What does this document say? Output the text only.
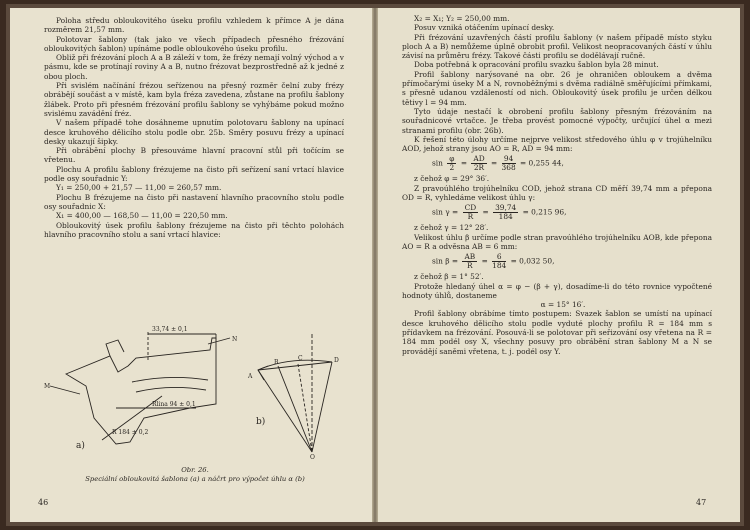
Poloha středu obloukovitého úseku profilu vzhledem k přímce A je dána rozměrem 21,57 mm.

Polotovar šablony (tak jako ve všech případech přesného frézování obloukovitých šablon) upínáme podle obloukového úseku profilu.

Obliž při frézování ploch A a B záleží v tom, že frézy nemají volný východ a v pásmu, kde se protínají roviny A a B, nutno frézovat bezprostředně až k jedné z obou ploch.

Při svislém načínání frézou seřízenou na přesný rozměr čelní zuby frézy obrábějí součást a v místě, kam byla fréza zavedena, zůstane na profilu šablony žlábek. Proto při přesném frézování profilu šablony se vyhýbáme pokud možno svislému zavádění fréz.

V našem případě tohe dosáhneme upnutím polotovaru šablony na upínací desce kruhového dělicího stolu podle obr. 25b. Směry posuvu frézy a upínací desky ukazují šipky.

Při obrábění plochy B přesouváme hlavní pracovní stůl při točícím se vřetenu.

Plochu A profilu šablony frézujeme na čisto při seřízení saní vrtací hlavice podle osy souřadnic Y:

Y₁ = 250,00 + 21,57 — 11,00 = 260,57 mm.

Plochu B frézujeme na čisto při nastavení hlavního pracovního stolu podle osy souřadnic X:

X₁ = 400,00 — 168,50 — 11,00 = 220,50 mm.

Obloukovitý úsek profilu šablony frézujeme na čisto při těchto polohách hlavního pracovního stolu a saní vrtací hlavice:

33,74 ± 0,1
N
M
Rlina 94 ± 0,1
R 184 ± 0,2
a)
b)
A
B
C	D
O
Obr. 26.
Speciální obloukovitá šablona (a) a náčrt pro výpočet úhlu α (b)
46

X₂ = X₁; Y₂ = 250,00 mm.

Posuv vzniká otáčením upínací desky.

Při frézování uzavřených částí profilu šablony (v našem případě místo styku ploch A a B) nemůžeme úplně obrobit profil. Velikost neopracovaných částí v úhlu závisí na průměru frézy. Takové části profilu se dodělávají ručně.

Doba potřebná k opracování profilu svazku šablon byla 28 minut.

Profil šablony narýsované na obr. 26 je ohraničen obloukem a dvěma přímočarými úseky M a N, rovnoběžnými s dvěma radiálně směřujícími přímkami, s přesně udanou vzdáleností od nich. Obloukovitý úsek profilu je určen délkou tětivy l = 94 mm.

Tyto údaje nestačí k obrobení profilu šablony přesným frézováním na souřadnicové vrtačce. Je třeba provést pomocné výpočty, určující úhel α mezi stranami profilu (obr. 26b).

K řešení této úlohy určíme nejprve velikost středového úhlu φ v trojúhelníku AOD, jehož strany jsou AO = R, AD = 94 mm:

$\sin \frac{\varphi}{2} = \frac{AD}{2R} = \frac{94}{368} = 0,255$ 44,

z čehož φ = 29° 36′.

Z pravoúhlého trojúhelníku COD, jehož strana CD měří 39,74 mm a přepona OD = R, vyhledáme velikost úhlu γ:

$\sin \gamma = \frac{CD}{R} = \frac{39,74}{184} = 0,215$ 96,

z čehož γ = 12° 28′.

Velikost úhlu β určíme podle stran pravoúhlého trojúhelníku AOB, kde přepona AO = R a odvěsna AB = 6 mm:

$\sin \beta = \frac{AB}{R} = \frac{6}{184} = 0,032$ 50,

z čehož β = 1° 52′.

Protože hledaný úhel α = φ − (β + γ), dosadíme-li do této rovnice vypočtené hodnoty úhlů, dostaneme

α = 15° 16′.

Profil šablony obrábíme tímto postupem: Svazek šablon se umístí na upínací desce kruhového dělicího stolu podle vyduté plochy profilu R = 184 mm s přídavkem na frézování. Posouvá-li se polotovar při seřizování osy vřetena na R = 184 mm podél osy X, všechny posuvy pro obrábění stran šablony M a N se provádějí saněmi vřetena, t. j. podél osy Y.

47
